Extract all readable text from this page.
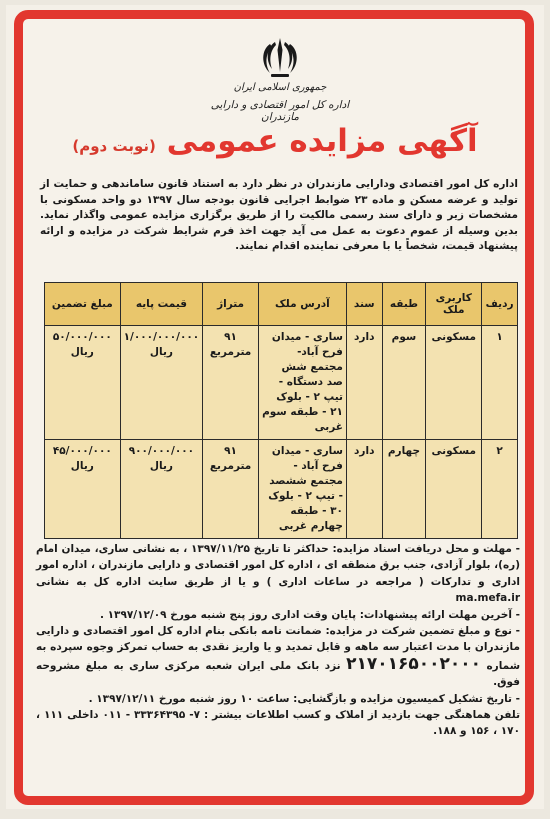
جمهوری اسلامی ایران
اداره کل امور اقتصادی و دارایی مازندران
آگهی مزایده عمومی (نوبت دوم)
اداره کل امور اقتصادی ودارایی مازندران در نظر دارد به استناد قانون ساماندهی و حمایت از تولید و عرضه مسکن و ماده ۲۳ ضوابط اجرایی قانون بودجه سال ۱۳۹۷ دو واحد مسکونی با مشخصات زیر و دارای سند رسمی مالکیت را از طریق برگزاری مزایده عمومی واگذار نماید. بدین وسیله از عموم دعوت به عمل می آید جهت اخذ فرم شرایط شرکت در مزایده و ارائه پیشنهاد قیمت، شخصاً یا با معرفی نماینده اقدام نمایند.
ردیف	کاربری ملک	طبقه	سند	آدرس ملک	متراژ	قیمت پایه	مبلغ تضمین
۱	مسکونی	سوم	دارد	ساری - میدان فرح آباد- مجتمع شش صد دستگاه - تیپ ۲ - بلوک ۲۱ - طبقه سوم غربی	۹۱ مترمربع	۱/۰۰۰/۰۰۰/۰۰۰ ریال	۵۰/۰۰۰/۰۰۰ ریال
۲	مسکونی	چهارم	دارد	ساری - میدان فرح آباد - مجتمع ششصد - تیپ ۲ - بلوک ۳۰ - طبقه چهارم غربی	۹۱ مترمربع	۹۰۰/۰۰۰/۰۰۰ ریال	۴۵/۰۰۰/۰۰۰ ریال

- مهلت و محل دریافت اسناد مزایده: حداکثر تا تاریخ ۱۳۹۷/۱۱/۲۵ ، به نشانی ساری، میدان امام (ره)، بلوار آزادی، جنب برق منطقه ای ، اداره کل امور اقتصادی و دارایی مازندران ، اداره امور اداری و تدارکات ( مراجعه در ساعات اداری ) و یا از طریق سایت اداره کل به نشانی ma.mefa.ir

- آخرین مهلت ارائه پیشنهادات: پایان وقت اداری روز پنج شنبه مورخ ۱۳۹۷/۱۲/۰۹ .

- نوع و مبلغ تضمین شرکت در مزایده: ضمانت نامه بانکی بنام اداره کل امور اقتصادی و دارایی مازندران با مدت اعتبار سه ماهه و قابل تمدید و یا واریز نقدی به حساب تمرکز وجوه سپرده به شماره ۲۱۷۰۱۶۵۰۰۲۰۰۰ نزد بانک ملی ایران شعبه مرکزی ساری به مبلغ مشروحه فوق.

- تاریخ تشکیل کمیسیون مزایده و بازگشایی: ساعت ۱۰ روز شنبه مورخ ۱۳۹۷/۱۲/۱۱ .

تلفن هماهنگی جهت بازدید از املاک و کسب اطلاعات بیشتر : ۷- ۳۳۳۶۴۳۹۵ - ۰۱۱ داخلی ۱۱۱ ، ۱۷۰ ، ۱۵۶ و ۱۸۸.
